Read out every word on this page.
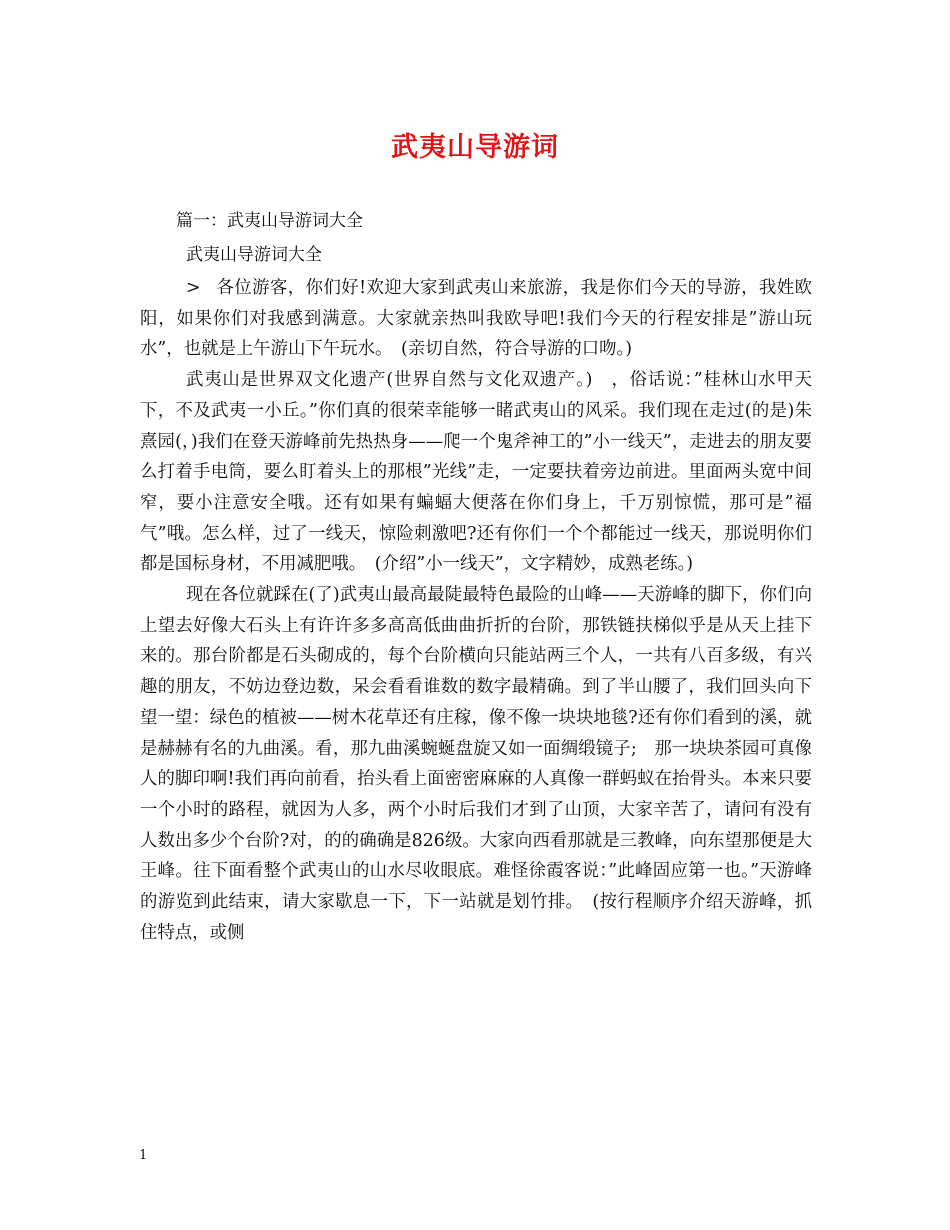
武夷山导游词
篇一：武夷山导游词大全
武夷山导游词大全

> 各位游客，你们好!欢迎大家到武夷山来旅游，我是你们今天的导游，我姓欧阳，如果你们对我感到满意。大家就亲热叫我欧导吧!我们今天的行程安排是”游山玩水”，也就是上午游山下午玩水。　(亲切自然，符合导游的口吻。)

武夷山是世界双文化遗产(世界自然与文化双遗产。)　，俗话说：”桂林山水甲天下，不及武夷一小丘。”你们真的很荣幸能够一睹武夷山的风采。我们现在走过(的是)朱熹园(，)我们在登天游峰前先热热身——爬一个鬼斧神工的”小一线天”，走进去的朋友要么打着手电筒，要么盯着头上的那根”光线”走，一定要扶着旁边前进。里面两头宽中间窄，要小注意安全哦。还有如果有蝙蝠大便落在你们身上，千万别惊慌，那可是”福气”哦。怎么样，过了一线天，惊险刺激吧?还有你们一个个都能过一线天，那说明你们都是国标身材，不用减肥哦。　(介绍”小一线天”，文字精妙，成熟老练。)

现在各位就踩在(了)武夷山最高最陡最特色最险的山峰——天游峰的脚下，你们向上望去好像大石头上有许许多多高高低曲曲折折的台阶，那铁链扶梯似乎是从天上挂下来的。那台阶都是石头砌成的，每个台阶横向只能站两三个人，一共有八百多级，有兴趣的朋友，不妨边登边数，呆会看看谁数的数字最精确。到了半山腰了，我们回头向下望一望：绿色的植被——树木花草还有庄稼，像不像一块块地毯?还有你们看到的溪，就是赫赫有名的九曲溪。看，那九曲溪蜿蜒盘旋又如一面绸缎镜子;　那一块块茶园可真像人的脚印啊!我们再向前看，抬头看上面密密麻麻的人真像一群蚂蚁在抬骨头。本来只要一个小时的路程，就因为人多，两个小时后我们才到了山顶，大家辛苦了，请问有没有人数出多少个台阶?对，的的确确是826级。大家向西看那就是三教峰，向东望那便是大王峰。往下面看整个武夷山的山水尽收眼底。难怪徐霞客说：”此峰固应第一也。”天游峰的游览到此结束，请大家歇息一下，下一站就是划竹排。　(按行程顺序介绍天游峰，抓住特点，或侧

1
